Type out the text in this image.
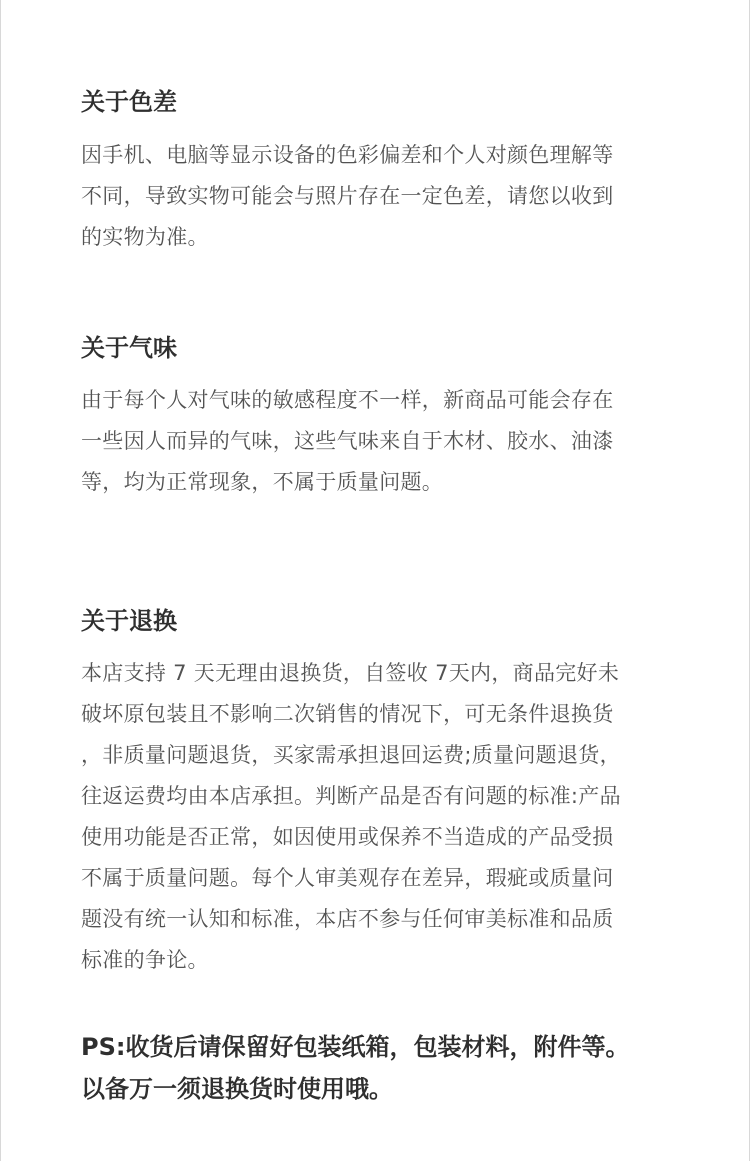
关于色差

因手机、电脑等显示设备的色彩偏差和个人对颜色理解等
不同，导致实物可能会与照片存在一定色差，请您以收到
的实物为准。

关于气味

由于每个人对气味的敏感程度不一样，新商品可能会存在
一些因人而异的气味，这些气味来自于木材、胶水、油漆
等，均为正常现象，不属于质量问题。

关于退换

本店支持 7 天无理由退换货，自签收 7天内，商品完好未
破坏原包装且不影响二次销售的情况下，可无条件退换货
，非质量问题退货，买家需承担退回运费;质量问题退货，
往返运费均由本店承担。判断产品是否有问题的标准:产品
使用功能是否正常，如因使用或保养不当造成的产品受损
不属于质量问题。每个人审美观存在差异，瑕疵或质量问
题没有统一认知和标准，本店不参与任何审美标准和品质
标准的争论。

PS:收货后请保留好包装纸箱，包装材料，附件等。
以备万一须退换货时使用哦。
